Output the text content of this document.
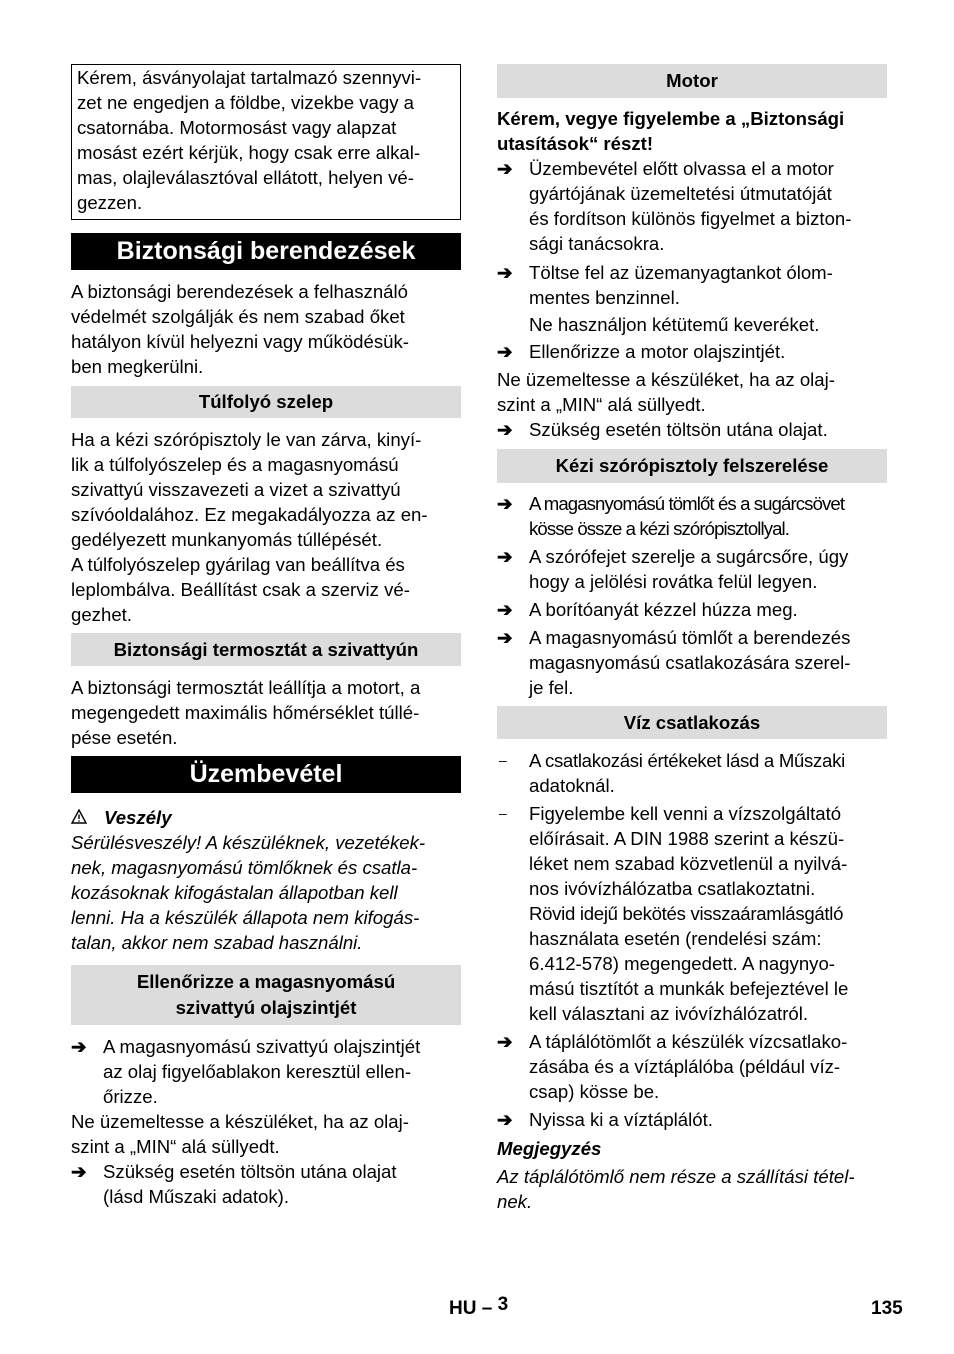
Kérem, ásványolajat tartalmazó szennyvi-
zet ne engedjen a földbe, vizekbe vagy a
csatornába. Motormosást vagy alapzat
mosást ezért kérjük, hogy csak erre alkal-
mas, olajleválasztóval ellátott, helyen vé-
gezzen.
Biztonsági berendezések

A biztonsági berendezések a felhasználó

védelmét szolgálják és nem szabad őket

hatályon kívül helyezni vagy működésük-

ben megkerülni.

Túlfolyó szelep

Ha a kézi szórópisztoly le van zárva, kinyí-

lik a túlfolyószelep és a magasnyomású

szivattyú visszavezeti a vizet a szivattyú

szívóoldalához. Ez megakadályozza az en-

gedélyezett munkanyomás túllépését.

A túlfolyószelep gyárilag van beállítva és

leplombálva. Beállítást csak a szerviz vé-

gezhet.

Biztonsági termosztát a szivattyún

A biztonsági termosztát leállítja a motort, a

megengedett maximális hőmérséklet túllé-

pése esetén.

Üzembevétel

Veszély

Sérülésveszély! A készüléknek, vezetékek-

nek, magasnyomású tömlőknek és csatla-

kozásoknak kifogástalan állapotban kell

lenni. Ha a készülék állapota nem kifogás-

talan, akkor nem szabad használni.

Ellenőrizze a magasnyomású
szivattyú olajszintjét
➔ A magasnyomású szivattyú olajszintjét
az olaj figyelőablakon keresztül ellen-
őrizze.

Ne üzemeltesse a készüléket, ha az olaj-

szint a „MIN“ alá süllyedt.

➔ Szükség esetén töltsön utána olajat
(lásd Műszaki adatok).
Motor

Kérem, vegye figyelembe a „Biztonsági

utasítások“ részt!

➔ Üzembevétel előtt olvassa el a motor
gyártójának üzemeltetési útmutatóját
és fordítson különös figyelmet a bizton-
sági tanácsokra.
➔ Töltse fel az üzemanyagtankot ólom-
mentes benzinnel.
Ne használjon kétütemű keveréket.
➔ Ellenőrizze a motor olajszintjét.

Ne üzemeltesse a készüléket, ha az olaj-

szint a „MIN“ alá süllyedt.

➔ Szükség esetén töltsön utána olajat.
Kézi szórópisztoly felszerelése
➔ A magasnyomású tömlőt és a sugárcsövet
kösse össze a kézi szórópisztollyal.
➔ A szórófejet szerelje a sugárcsőre, úgy
hogy a jelölési rovátka felül legyen.
➔ A borítóanyát kézzel húzza meg.
➔ A magasnyomású tömlőt a berendezés
magasnyomású csatlakozására szerel-
je fel.
Víz csatlakozás
– A csatlakozási értékeket lásd a Műszaki
adatoknál.
– Figyelembe kell venni a vízszolgáltató
előírásait. A DIN 1988 szerint a készü-
léket nem szabad közvetlenül a nyilvá-
nos ivóvízhálózatba csatlakoztatni.
Rövid idejű bekötés visszaáramlásgátló
használata esetén (rendelési szám:
6.412-578) megengedett. A nagynyo-
mású tisztítót a munkák befejeztével le
kell választani az ivóvízhálózatról.
➔ A táplálótömlőt a készülék vízcsatlako-
zásába és a víztáplálóba (például víz-
csap) kösse be.
➔ Nyissa ki a víztáplálót.

Megjegyzés

Az táplálótömlő nem része a szállítási tétel-

nek.

HU – 3	135
